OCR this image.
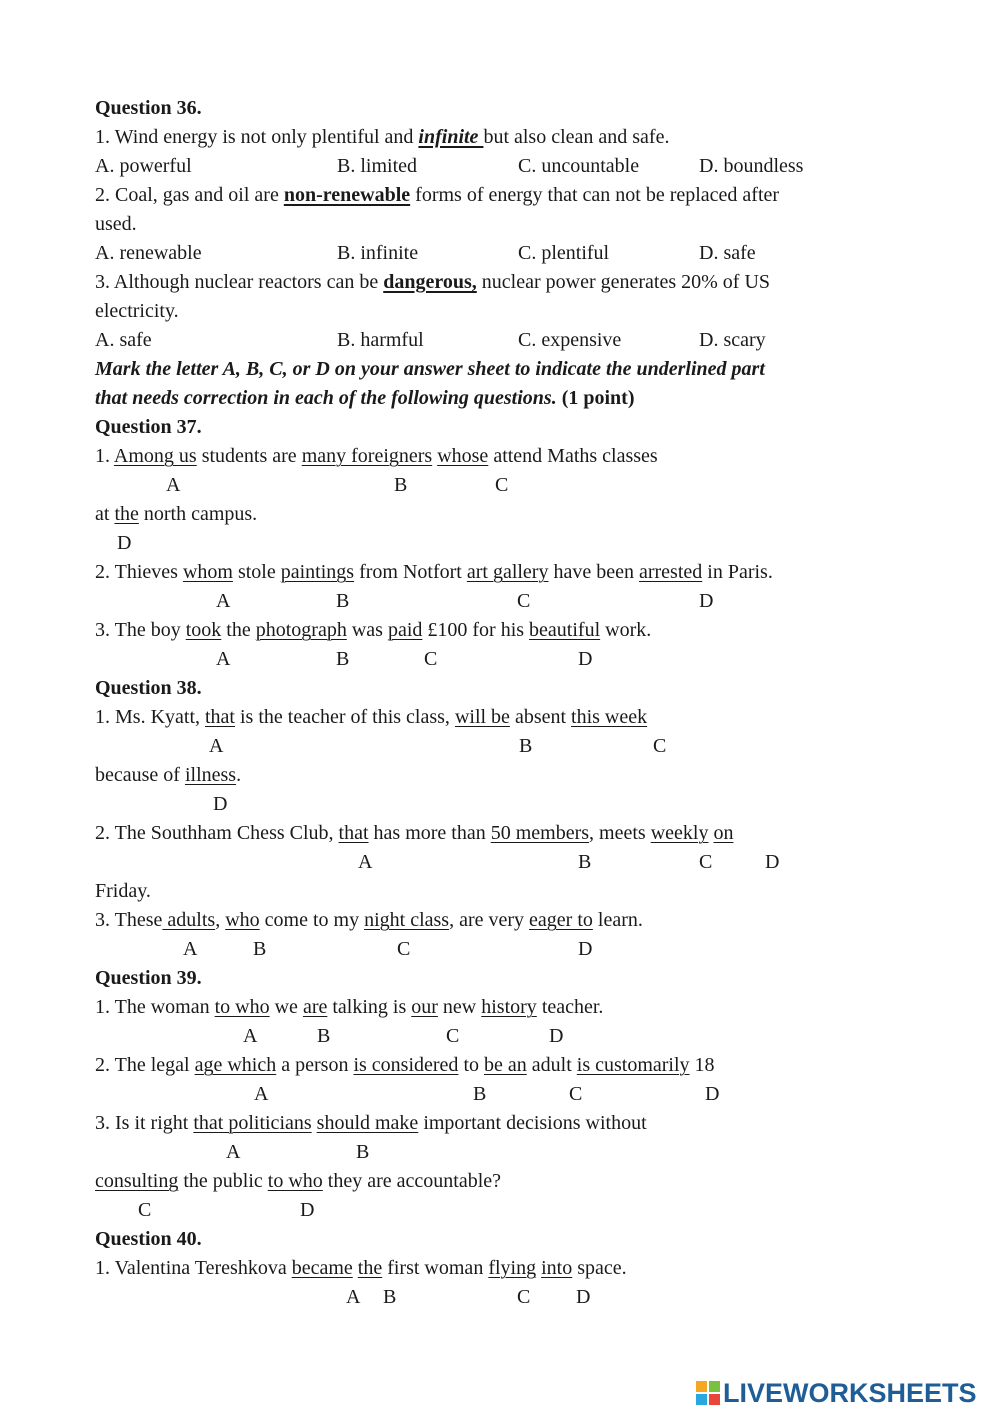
Question 36.
1. Wind energy is not only plentiful and infinite but also clean and safe.
A. powerful	B. limited	C. uncountable	D. boundless
2. Coal, gas and oil are non-renewable forms of energy that can not be replaced after
used.
A. renewable	B. infinite	C. plentiful	D. safe
3. Although nuclear reactors can be dangerous, nuclear power generates 20% of US
electricity.
A. safe	B. harmful	C. expensive	D. scary
Mark the letter A, B, C, or D on your answer sheet to indicate the underlined part
that needs correction in each of the following questions. (1 point)
Question 37.
1. Among us students are many foreigners whose attend Maths classes
A	B	C
at the north campus.
D
2. Thieves whom stole paintings from Notfort art gallery have been arrested in Paris.
A	B	C	D
3. The boy took the photograph was paid £100 for his beautiful work.
A	B	C	D
Question 38.
1. Ms. Kyatt, that is the teacher of this class, will be absent this week
A	B	C
because of illness.
D
2. The Southham Chess Club, that has more than 50 members, meets weekly on
A	B	C	D
Friday.
3. These adults, who come to my night class, are very eager to learn.
A	B	C	D
Question 39.
1. The woman to who we are talking is our new history teacher.
A	B	C	D
2. The legal age which a person is considered to be an adult is customarily 18
A	B	C	D
3. Is it right that politicians should make important decisions without
A	B
consulting the public to who they are accountable?
C	D
Question 40.
1. Valentina Tereshkova became the first woman flying into space.
A B	C D
LIVEWORKSHEETS
